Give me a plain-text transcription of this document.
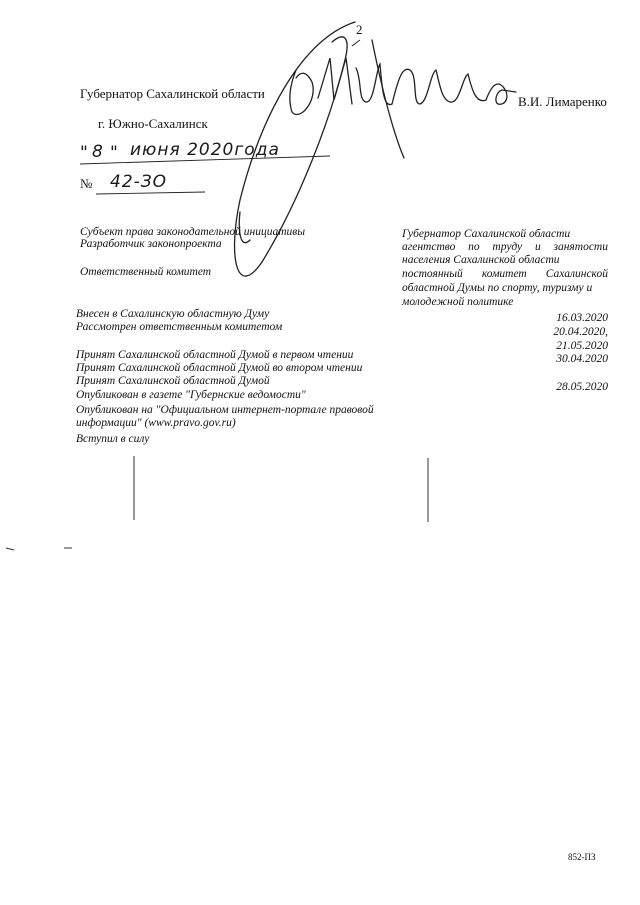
2
Губернатор Сахалинской области
В.И. Лимаренко
г. Южно-Сахалинск
" 8 " июня 2020года
№ 42-ЗО
Субъект права законодательной инициативы
Разработчик законопроекта
Ответственный комитет
Губернатор Сахалинской области
агентство по труду и занятости
населения Сахалинской области
постоянный комитет Сахалинской
областной Думы по спорту, туризму и
молодежной политике
Внесен в Сахалинскую областную Думу
Рассмотрен ответственным комитетом
Принят Сахалинской областной Думой в первом чтении
Принят Сахалинской областной Думой во втором чтении
Принят Сахалинской областной Думой
Опубликован в газете "Губернские ведомости"
Опубликован на "Официальном интернет-портале правовой
информации" (www.pravo.gov.ru)
Вступил в силу
16.03.2020
20.04.2020,
21.05.2020
30.04.2020
28.05.2020
852-ПЗ
